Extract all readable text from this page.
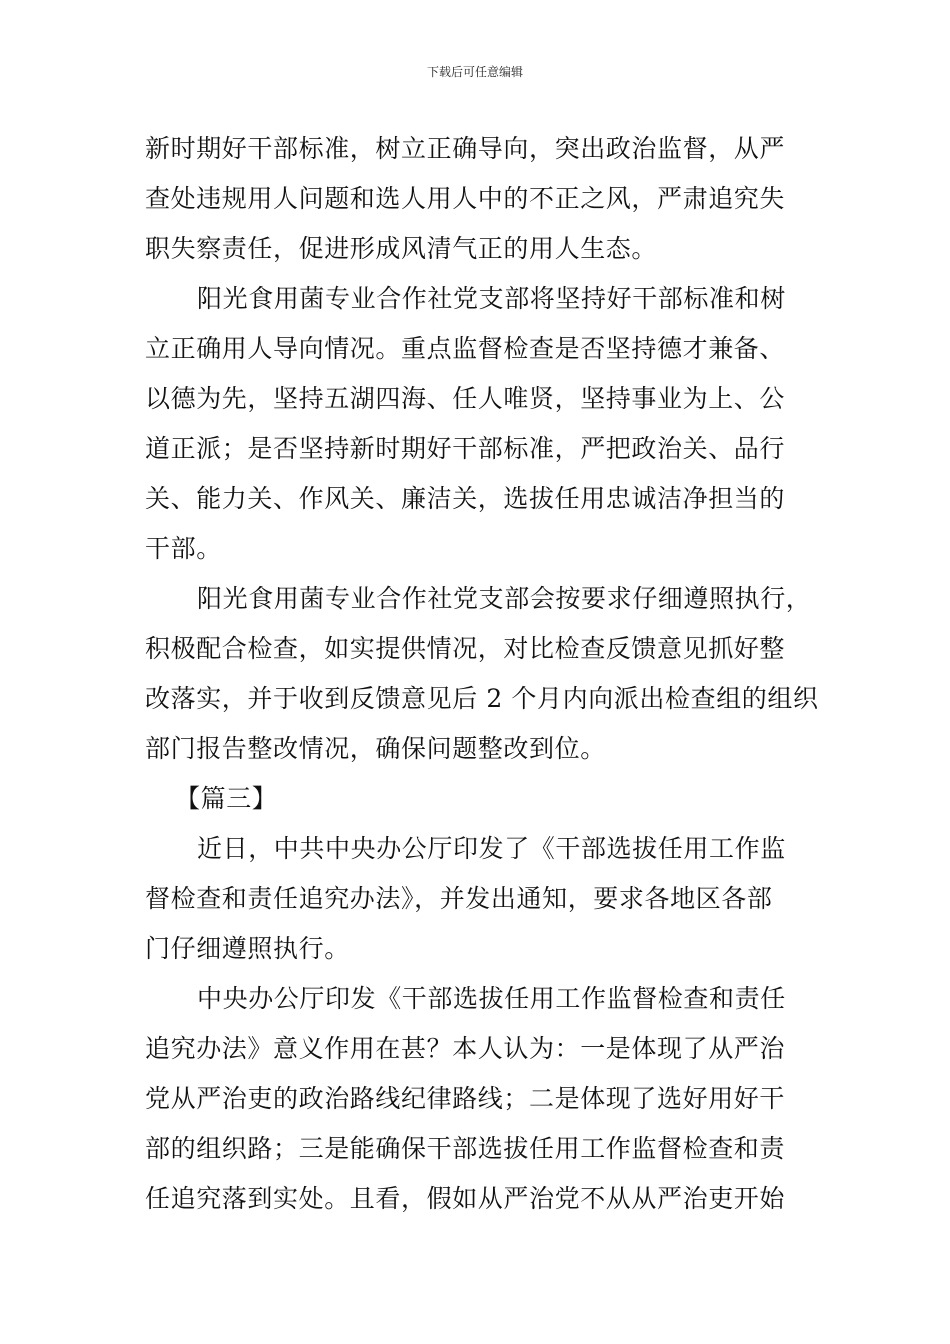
下载后可任意编辑
新时期好干部标准，树立正确导向，突出政治监督，从严
查处违规用人问题和选人用人中的不正之风，严肃追究失
职失察责任，促进形成风清气正的用人生态。
阳光食用菌专业合作社党支部将坚持好干部标准和树
立正确用人导向情况。重点监督检查是否坚持德才兼备、
以德为先，坚持五湖四海、任人唯贤，坚持事业为上、公
道正派；是否坚持新时期好干部标准，严把政治关、品行
关、能力关、作风关、廉洁关，选拔任用忠诚洁净担当的
干部。
阳光食用菌专业合作社党支部会按要求仔细遵照执行，
积极配合检查，如实提供情况，对比检查反馈意见抓好整
改落实，并于收到反馈意见后 2 个月内向派出检查组的组织
部门报告整改情况，确保问题整改到位。
【篇三】
近日，中共中央办公厅印发了《干部选拔任用工作监
督检查和责任追究办法》，并发出通知，要求各地区各部
门仔细遵照执行。
中央办公厅印发《干部选拔任用工作监督检查和责任
追究办法》意义作用在甚？本人认为：一是体现了从严治
党从严治吏的政治路线纪律路线；二是体现了选好用好干
部的组织路；三是能确保干部选拔任用工作监督检查和责
任追究落到实处。且看，假如从严治党不从从严治吏开始
